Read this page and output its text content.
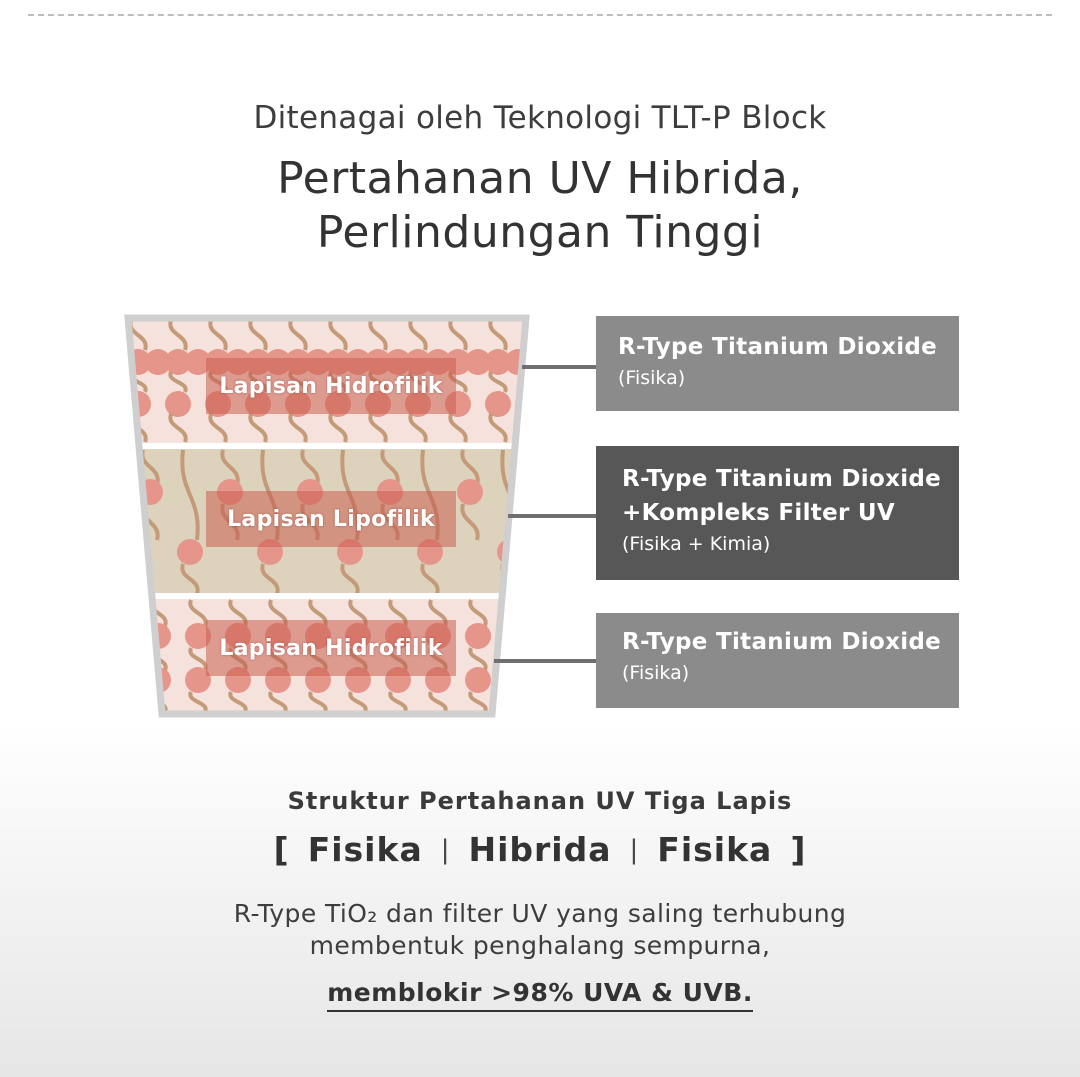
Ditenagai oleh Teknologi TLT-P Block
Pertahanan UV Hibrida,
Perlindungan Tinggi
Lapisan Hidrofilik
Lapisan Lipofilik
Lapisan Hidrofilik
R-Type Titanium Dioxide
(Fisika)
R-Type Titanium Dioxide
+Kompleks Filter UV
(Fisika + Kimia)
R-Type Titanium Dioxide
(Fisika)
Struktur Pertahanan UV Tiga Lapis
[ Fisika | Hibrida | Fisika ]
R-Type TiO₂ dan filter UV yang saling terhubung
membentuk penghalang sempurna,
memblokir >98% UVA & UVB.
